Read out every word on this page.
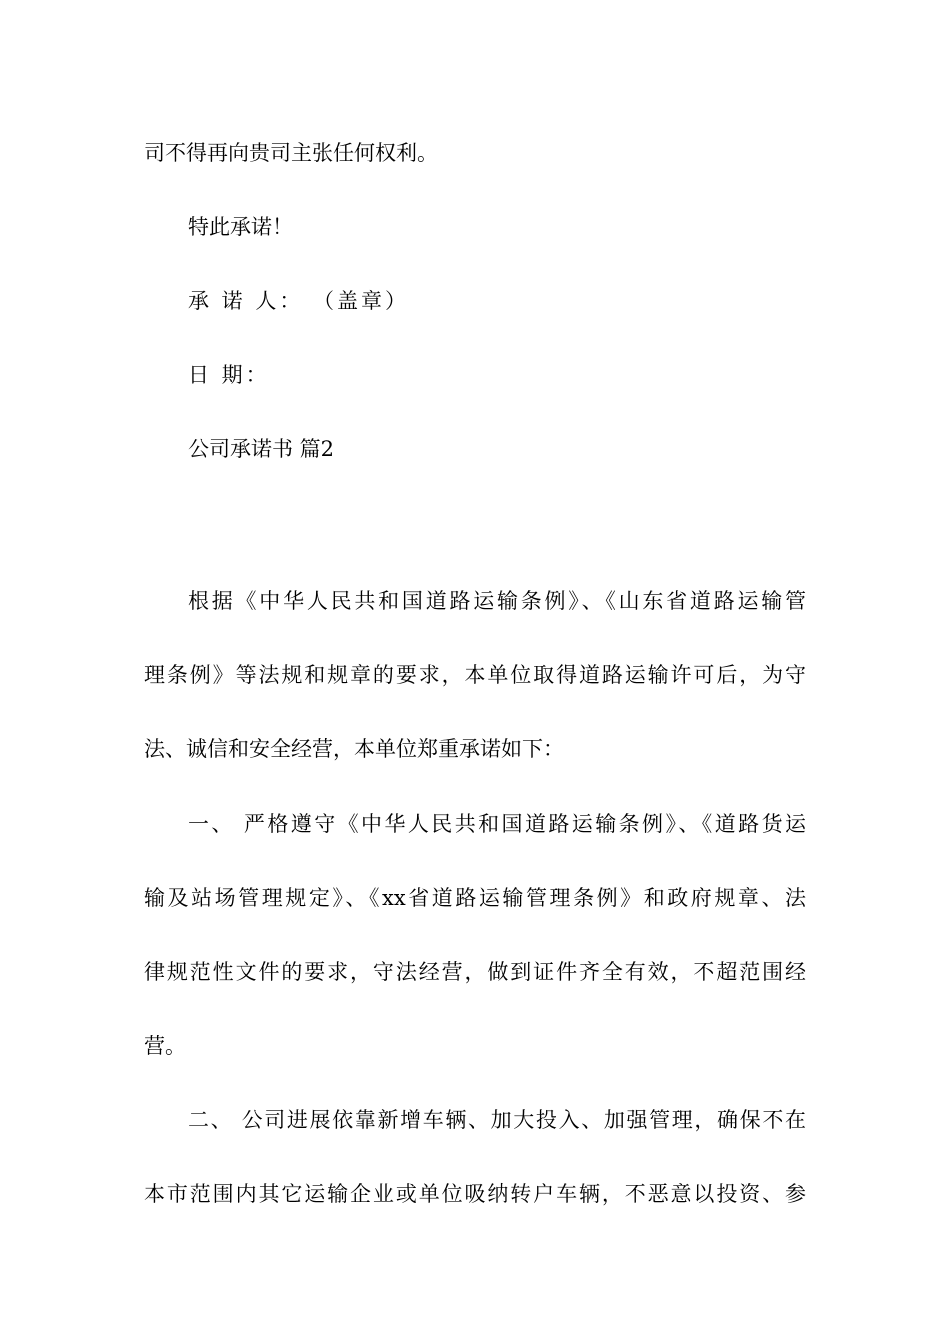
司不得再向贵司主张任何权利。
特此承诺！
承 诺 人： （盖章）
日 期：
公司承诺书 篇2
根据《中华人民共和国道路运输条例》、《山东省道路运输管
理条例》等法规和规章的要求，本单位取得道路运输许可后，为守
法、诚信和安全经营，本单位郑重承诺如下：
一、 严格遵守《中华人民共和国道路运输条例》、《道路货运
输及站场管理规定》、《xx省道路运输管理条例》和政府规章、法
律规范性文件的要求，守法经营，做到证件齐全有效，不超范围经
营。
二、 公司进展依靠新增车辆、加大投入、加强管理，确保不在
本市范围内其它运输企业或单位吸纳转户车辆，不恶意以投资、参
